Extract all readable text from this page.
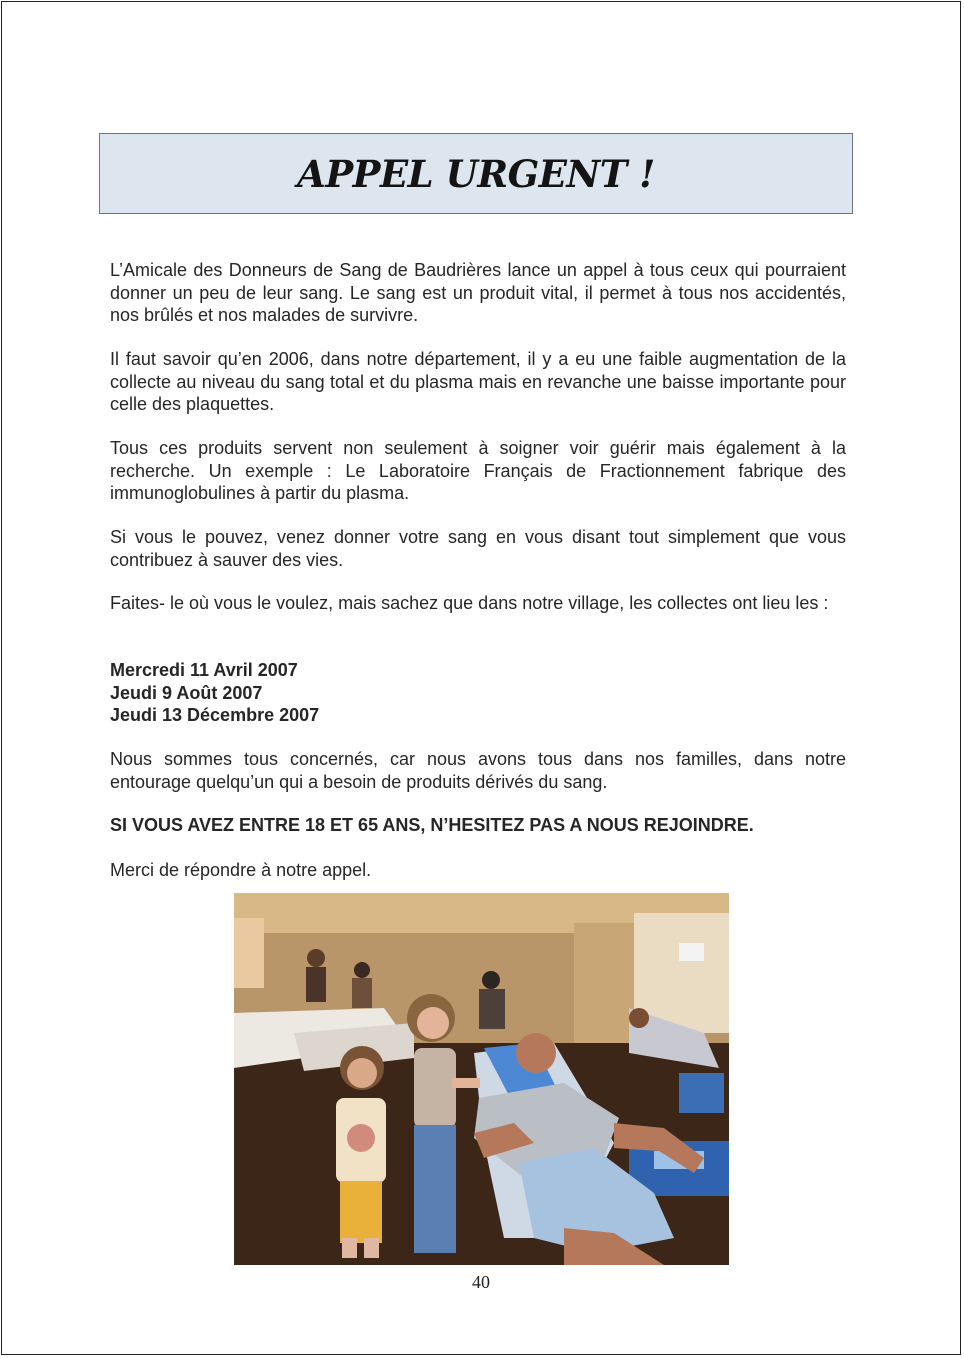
APPEL URGENT !

L’Amicale des Donneurs de Sang de Baudrières lance un appel à tous ceux qui pourraient donner un peu de leur sang. Le sang est un produit vital, il permet à tous nos accidentés, nos brûlés et nos malades de survivre.

Il faut savoir qu’en 2006, dans notre département, il y a eu une faible augmentation de la collecte au niveau du sang total et du plasma mais en revanche une baisse importante pour celle des plaquettes.

Tous ces produits servent non seulement à soigner voir guérir mais également à la recherche. Un exemple : Le Laboratoire Français de Fractionnement fabrique des immunoglobulines à partir du plasma.

Si vous le pouvez, venez donner votre sang en vous disant tout simplement que vous contribuez à sauver des vies.

Faites- le où vous le voulez, mais sachez que dans notre village, les collectes ont lieu les :

Mercredi 11 Avril 2007
Jeudi 9 Août 2007
Jeudi 13 Décembre 2007

Nous sommes tous concernés, car nous avons tous dans nos familles, dans notre entourage quelqu’un qui a besoin de produits dérivés du sang.

SI VOUS AVEZ ENTRE 18 ET 65 ANS, N’HESITEZ PAS A NOUS REJOINDRE.
Merci de répondre à notre appel.
40
